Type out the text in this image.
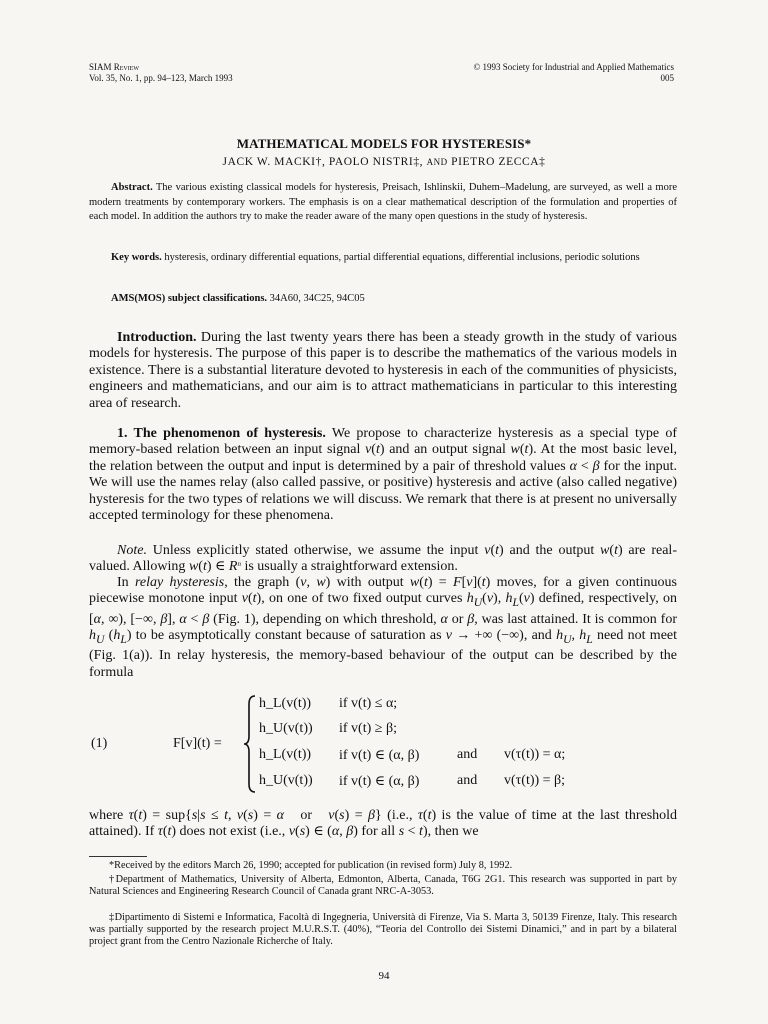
SIAM Review
Vol. 35, No. 1, pp. 94–123, March 1993
© 1993 Society for Industrial and Applied Mathematics
005
MATHEMATICAL MODELS FOR HYSTERESIS*
JACK W. MACKI†, PAOLO NISTRI‡, AND PIETRO ZECCA‡
Abstract. The various existing classical models for hysteresis, Preisach, Ishlinskii, Duhem–Madelung, are surveyed, as well a more modern treatments by contemporary workers. The emphasis is on a clear mathematical description of the formulation and properties of each model. In addition the authors try to make the reader aware of the many open questions in the study of hysteresis.
Key words. hysteresis, ordinary differential equations, partial differential equations, differential inclusions, periodic solutions
AMS(MOS) subject classifications. 34A60, 34C25, 94C05
Introduction. During the last twenty years there has been a steady growth in the study of various models for hysteresis. The purpose of this paper is to describe the mathematics of the various models in existence. There is a substantial literature devoted to hysteresis in each of the communities of physicists, engineers and mathematicians, and our aim is to attract mathematicians in particular to this interesting area of research.
1. The phenomenon of hysteresis. We propose to characterize hysteresis as a special type of memory-based relation between an input signal v(t) and an output signal w(t). At the most basic level, the relation between the output and input is determined by a pair of threshold values α < β for the input. We will use the names relay (also called passive, or positive) hysteresis and active (also called negative) hysteresis for the two types of relations we will discuss. We remark that there is at present no universally accepted terminology for these phenomena.
Note. Unless explicitly stated otherwise, we assume the input v(t) and the output w(t) are real-valued. Allowing w(t) ∈ $R^n$ is usually a straightforward extension.
In relay hysteresis, the graph (v, w) with output w(t) = F[v](t) moves, for a given continuous piecewise monotone input v(t), on one of two fixed output curves $h_U(v)$, $h_L(v)$ defined, respectively, on [α, ∞), [−∞, β], α < β (Fig. 1), depending on which threshold, α or β, was last attained. It is common for $h_U$ $(h_L)$ to be asymptotically constant because of saturation as v → +∞ (−∞), and $h_U$, $h_L$ need not meet (Fig. 1(a)). In relay hysteresis, the memory-based behaviour of the output can be described by the formula
(1)	F[v](t) =
h_L(v(t)) if v(t) ≤ α;
h_U(v(t)) if v(t) ≥ β;
h_L(v(t)) if v(t) ∈ (α, β)	and v(τ(t)) = α;
h_U(v(t)) if v(t) ∈ (α, β)	and v(τ(t)) = β;
where τ(t) = sup{s|s ≤ t, v(s) = α   or   v(s) = β} (i.e., τ(t) is the value of time at the last threshold attained). If τ(t) does not exist (i.e., v(s) ∈ (α, β) for all s < t), then we
*Received by the editors March 26, 1990; accepted for publication (in revised form) July 8, 1992.
†Department of Mathematics, University of Alberta, Edmonton, Alberta, Canada, T6G 2G1. This research was supported in part by Natural Sciences and Engineering Research Council of Canada grant NRC-A-3053.
‡Dipartimento di Sistemi e Informatica, Facoltà di Ingegneria, Università di Firenze, Via S. Marta 3, 50139 Firenze, Italy. This research was partially supported by the research project M.U.R.S.T. (40%), “Teoria del Controllo dei Sistemi Dinamici,” and in part by a bilateral project grant from the Centro Nazionale Richerche of Italy.
94
